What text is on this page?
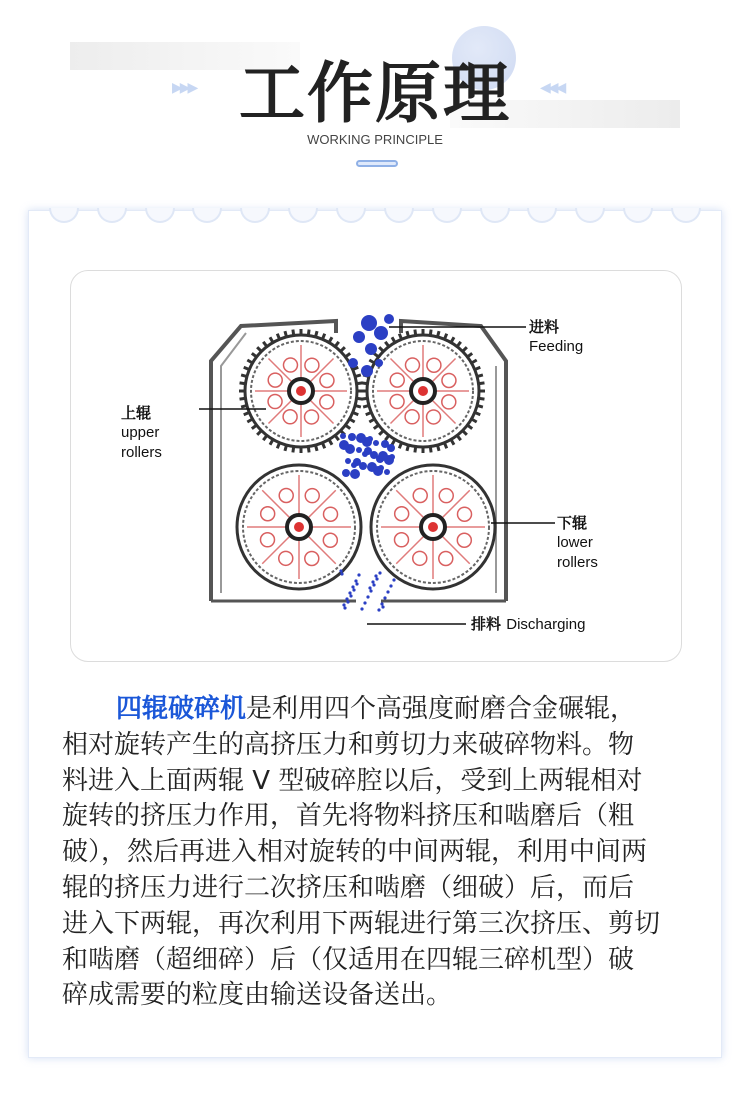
▶▶▶	◀◀◀
工作原理
WORKING PRINCIPLE
进料
Feeding
上辊
upper
rollers
下辊
lower
rollers
排料 Discharging
四辊破碎机是利用四个高强度耐磨合金碾辊，
相对旋转产生的高挤压力和剪切力来破碎物料。物
料进入上面两辊 V 型破碎腔以后，受到上两辊相对
旋转的挤压力作用，首先将物料挤压和啮磨后（粗
破），然后再进入相对旋转的中间两辊，利用中间两
辊的挤压力进行二次挤压和啮磨（细破）后，而后
进入下两辊，再次利用下两辊进行第三次挤压、剪切
和啮磨（超细碎）后（仅适用在四辊三碎机型）破
碎成需要的粒度由输送设备送出。
